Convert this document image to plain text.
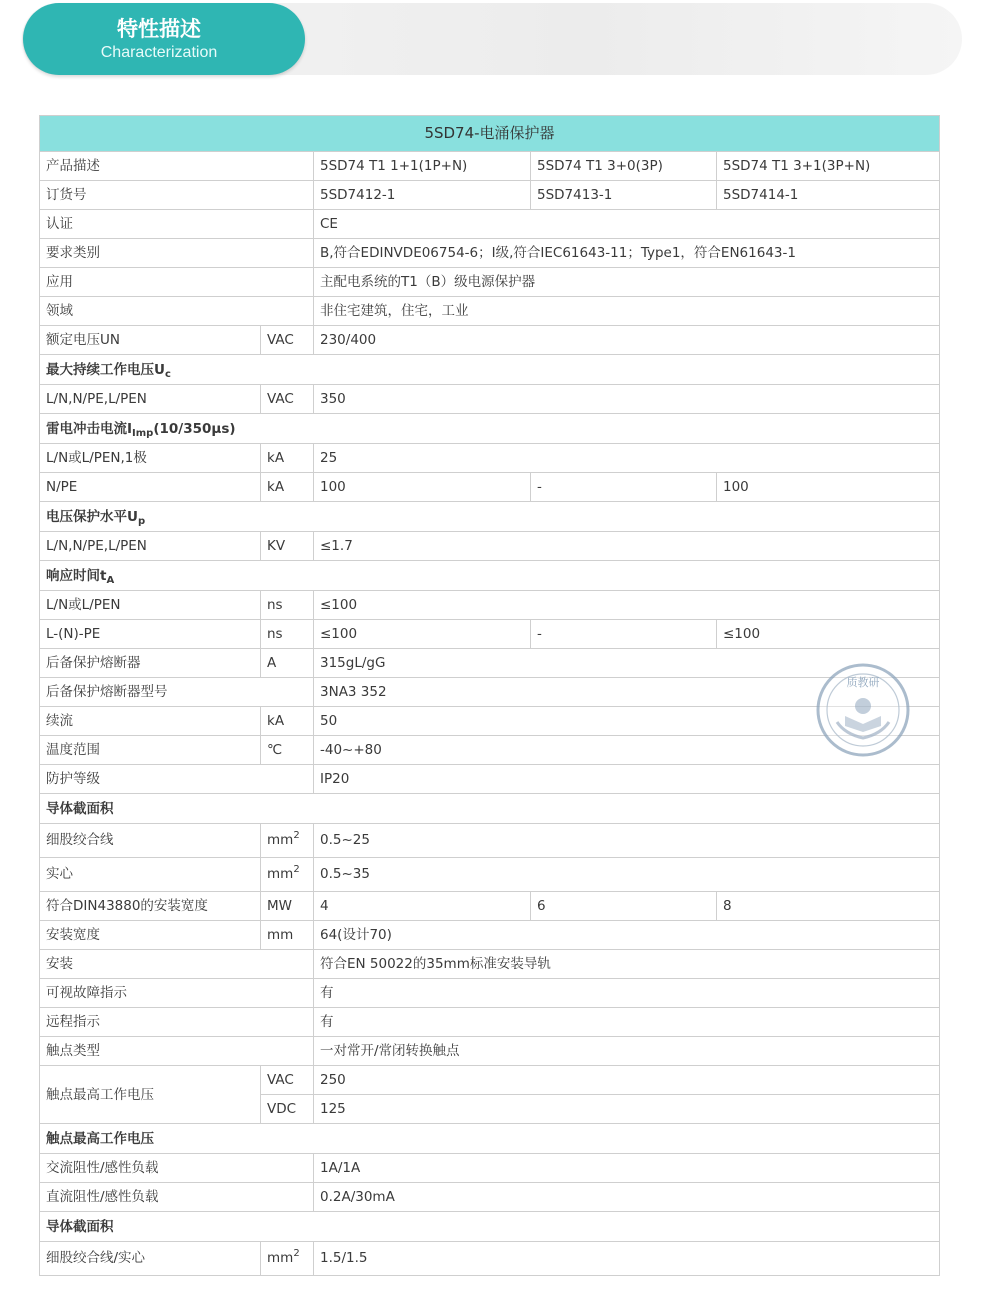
特性描述
Characterization
5SD74-电涌保护器				
产品描述		5SD74 T1 1+1(1P+N)	5SD74 T1 3+0(3P)	5SD74 T1 3+1(3P+N)
订货号		5SD7412-1	5SD7413-1	5SD7414-1
认证		CE		
要求类别		B,符合EDINVDE06754-6；I级,符合IEC61643-11；Type1，符合EN61643-1		
应用		主配电系统的T1（B）级电源保护器		
领域		非住宅建筑，住宅，工业		
额定电压UN	VAC	230/400		
最大持续工作电压$U_c$
L/N,N/PE,L/PEN	VAC	350		
雷电冲击电流$I_{Imp}(10/350\mu s)$				
L/N或L/PEN,1极	kA	25		
N/PE	kA	100	-	100
电压保护水平$U_p$
L/N,N/PE,L/PEN	KV	≤1.7		
响应时间$t_A$
L/N或L/PEN	ns	≤100		
L-(N)-PE	ns	≤100	-	≤100
后备保护熔断器	A	315gL/gG		
后备保护熔断器型号		3NA3 352		
续流	kA	50		
温度范围	℃	-40~+80		
防护等级		IP20		
导体截面积				
细股绞合线	$mm^2$	0.5~25		
实心	$mm^2$	0.5~35		
符合DIN43880的安装宽度	MW	4	6	8
安装宽度	mm	64(设计70)		
安装		符合EN 50022的35mm标准安装导轨		
可视故障指示		有		
远程指示		有		
触点类型		一对常开/常闭转换触点		
触点最高工作电压	VAC	250		
	VDC	125		
触点最高工作电压				
交流阻性/感性负载		1A/1A		
直流阻性/感性负载		0.2A/30mA		
导体截面积				
细股绞合线/实心	$mm^2$	1.5/1.5		
质教研
